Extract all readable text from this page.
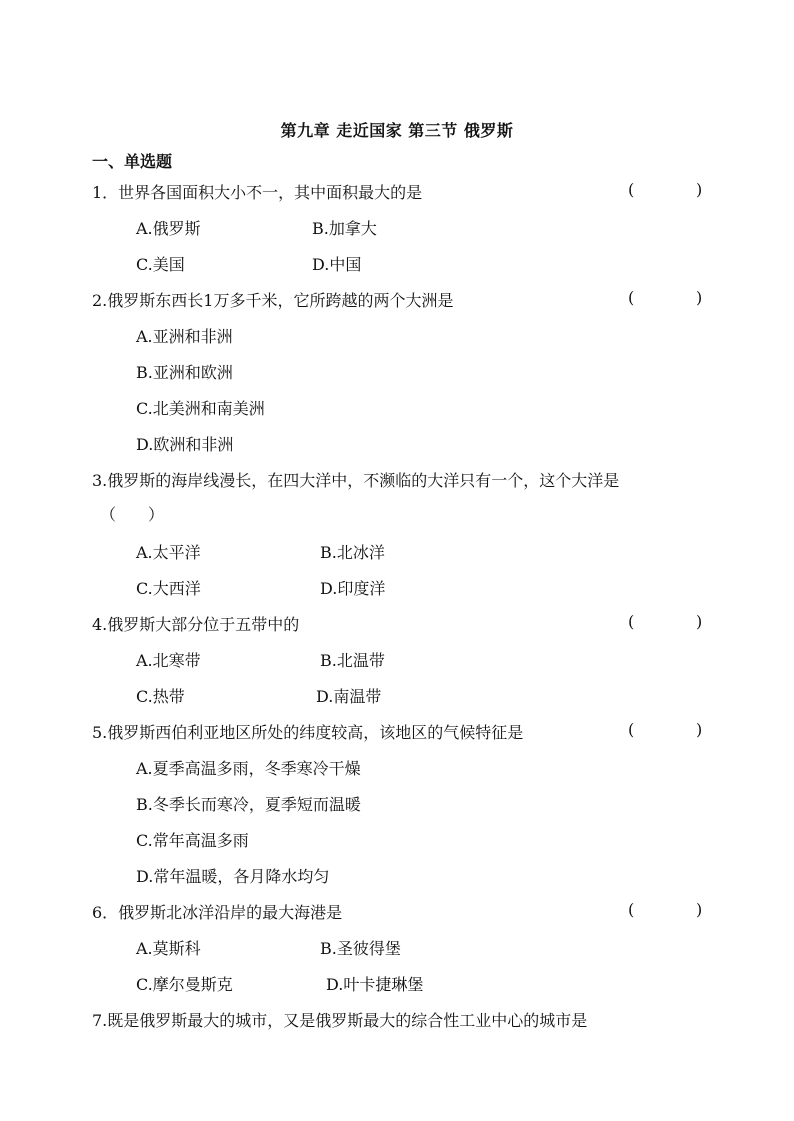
第九章 走近国家 第三节 俄罗斯
一、单选题
1．世界各国面积大小不一，其中面积最大的是	(	)
A.俄罗斯	B.加拿大
C.美国	D.中国
2.俄罗斯东西长1万多千米，它所跨越的两个大洲是	(	)
A.亚洲和非洲
B.亚洲和欧洲
C.北美洲和南美洲
D.欧洲和非洲
3.俄罗斯的海岸线漫长，在四大洋中，不濒临的大洋只有一个，这个大洋是
（　　）
A.太平洋	B.北冰洋
C.大西洋	D.印度洋
4.俄罗斯大部分位于五带中的	(	)
A.北寒带	B.北温带
C.热带	D.南温带
5.俄罗斯西伯利亚地区所处的纬度较高，该地区的气候特征是	(	)
A.夏季高温多雨，冬季寒冷干燥
B.冬季长而寒冷，夏季短而温暖
C.常年高温多雨
D.常年温暖，各月降水均匀
6．俄罗斯北冰洋沿岸的最大海港是	(	)
A.莫斯科	B.圣彼得堡
C.摩尔曼斯克	D.叶卡捷琳堡
7.既是俄罗斯最大的城市，又是俄罗斯最大的综合性工业中心的城市是
